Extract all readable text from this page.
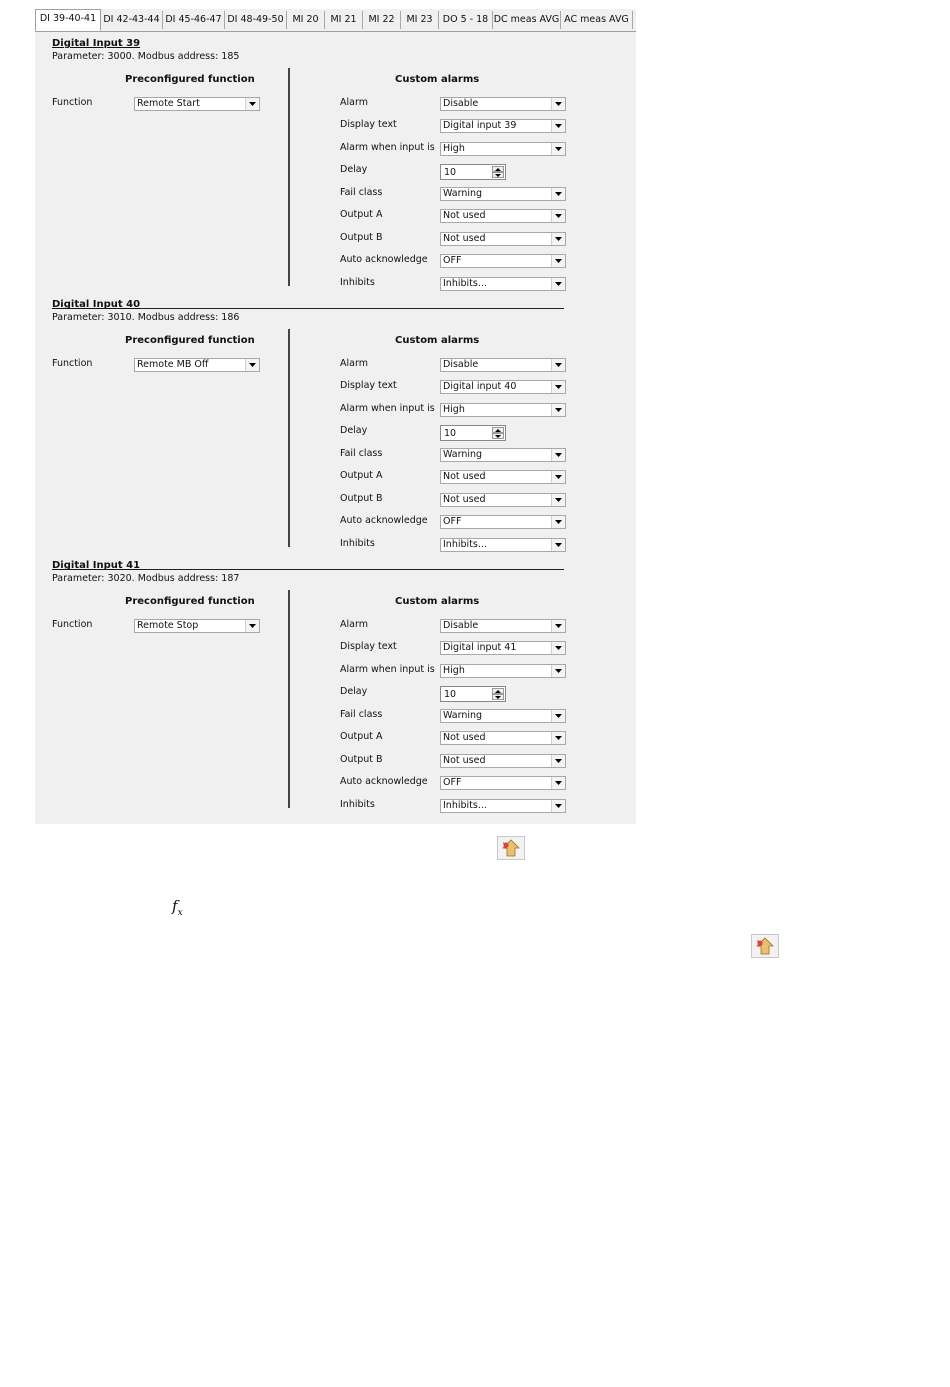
DI 39-40-41 DI 42-43-44 DI 45-46-47 DI 48-49-50 MI 20	MI 21	MI 22	MI 23	DO 5 - 18 DC meas AVG AC meas AVG
Digital Input 39
Parameter: 3000. Modbus address: 185
Preconfigured function	Custom alarms
Function	Remote Start	Alarm	Disable
Display text	Digital input 39
Alarm when input is High
Delay	10
Fail class	Warning
Output A	Not used
Output B	Not used
Auto acknowledge OFF
Inhibits	Inhibits...
Digital Input 40
Parameter: 3010. Modbus address: 186
Preconfigured function	Custom alarms
Function	Remote MB Off	Alarm	Disable
Display text	Digital input 40
Alarm when input is High
Delay	10
Fail class	Warning
Output A	Not used
Output B	Not used
Auto acknowledge OFF
Inhibits	Inhibits...
Digital Input 41
Parameter: 3020. Modbus address: 187
Preconfigured function	Custom alarms
Function	Remote Stop	Alarm	Disable
Display text	Digital input 41
Alarm when input is High
Delay	10
Fail class	Warning
Output A	Not used
Output B	Not used
Auto acknowledge OFF
Inhibits	Inhibits...
$f_x$
